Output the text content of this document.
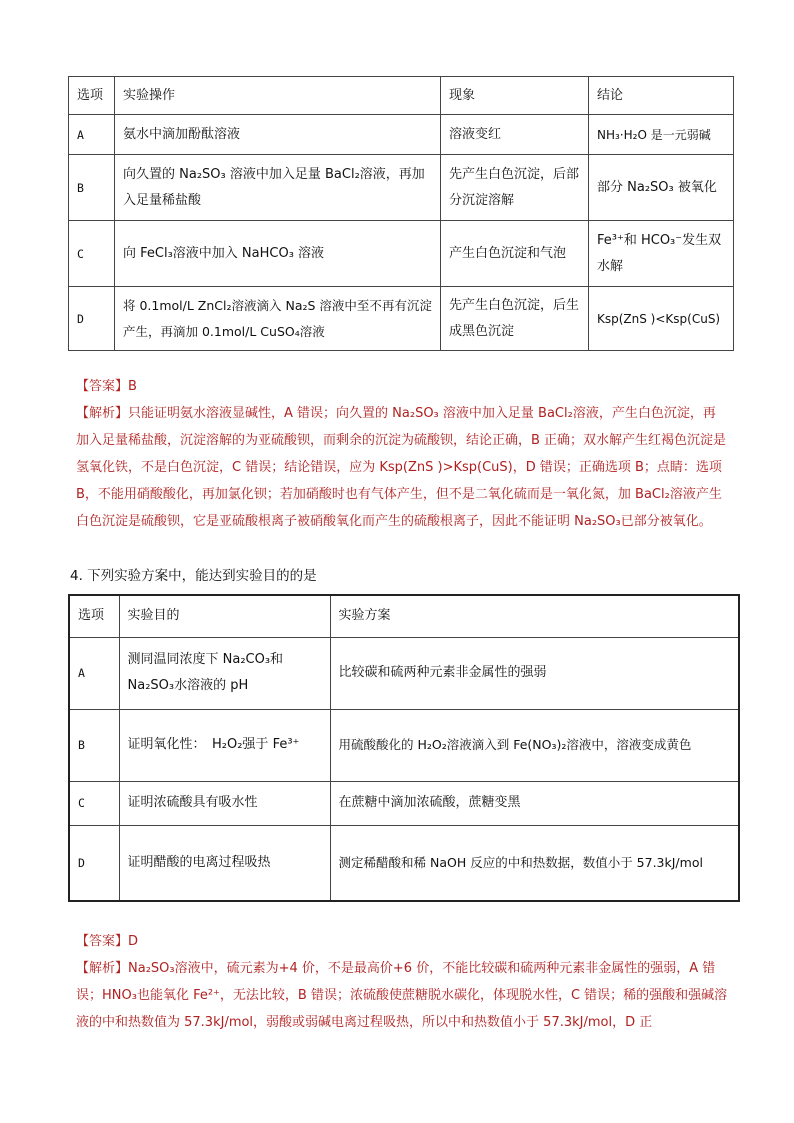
选项	实验操作	现象	结论
A	氨水中滴加酚酞溶液	溶液变红	NH₃·H₂O 是一元弱碱
B	向久置的 Na₂SO₃ 溶液中加入足量 BaCl₂溶液，再加入足量稀盐酸	先产生白色沉淀，后部分沉淀溶解	部分 Na₂SO₃ 被氧化
C	向 FeCl₃溶液中加入 NaHCO₃ 溶液	产生白色沉淀和气泡	Fe³⁺和 HCO₃⁻发生双水解
D	将 0.1mol/L ZnCl₂溶液滴入 Na₂S 溶液中至不再有沉淀产生，再滴加 0.1mol/L CuSO₄溶液	先产生白色沉淀，后生成黑色沉淀	Ksp(ZnS )<Ksp(CuS)
【答案】B
【解析】只能证明氨水溶液显碱性，A 错误；向久置的 Na₂SO₃ 溶液中加入足量 BaCl₂溶液，产生白色沉淀，再加入足量稀盐酸，沉淀溶解的为亚硫酸钡，而剩余的沉淀为硫酸钡，结论正确，B 正确；双水解产生红褐色沉淀是氢氧化铁，不是白色沉淀，C 错误；结论错误，应为 Ksp(ZnS )>Ksp(CuS)，D 错误；正确选项 B；点睛：选项 B，不能用硝酸酸化，再加氯化钡；若加硝酸时也有气体产生，但不是二氧化硫而是一氧化氮，加 BaCl₂溶液产生白色沉淀是硫酸钡，它是亚硫酸根离子被硝酸氧化而产生的硫酸根离子，因此不能证明 Na₂SO₃已部分被氧化。
4. 下列实验方案中，能达到实验目的的是
选项	实验目的	实验方案
A	测同温同浓度下 Na₂CO₃和 Na₂SO₃水溶液的 pH	比较碳和硫两种元素非金属性的强弱
B	证明氧化性：　H₂O₂强于 Fe³⁺	用硫酸酸化的 H₂O₂溶液滴入到 Fe(NO₃)₂溶液中，溶液变成黄色
C	证明浓硫酸具有吸水性	在蔗糖中滴加浓硫酸，蔗糖变黑
D	证明醋酸的电离过程吸热	测定稀醋酸和稀 NaOH 反应的中和热数据，数值小于 57.3kJ/mol
【答案】D
【解析】Na₂SO₃溶液中，硫元素为+4 价，不是最高价+6 价，不能比较碳和硫两种元素非金属性的强弱，A 错误；HNO₃也能氧化 Fe²⁺，无法比较，B 错误；浓硫酸使蔗糖脱水碳化，体现脱水性，C 错误；稀的强酸和强碱溶液的中和热数值为 57.3kJ/mol，弱酸或弱碱电离过程吸热，所以中和热数值小于 57.3kJ/mol，D 正
